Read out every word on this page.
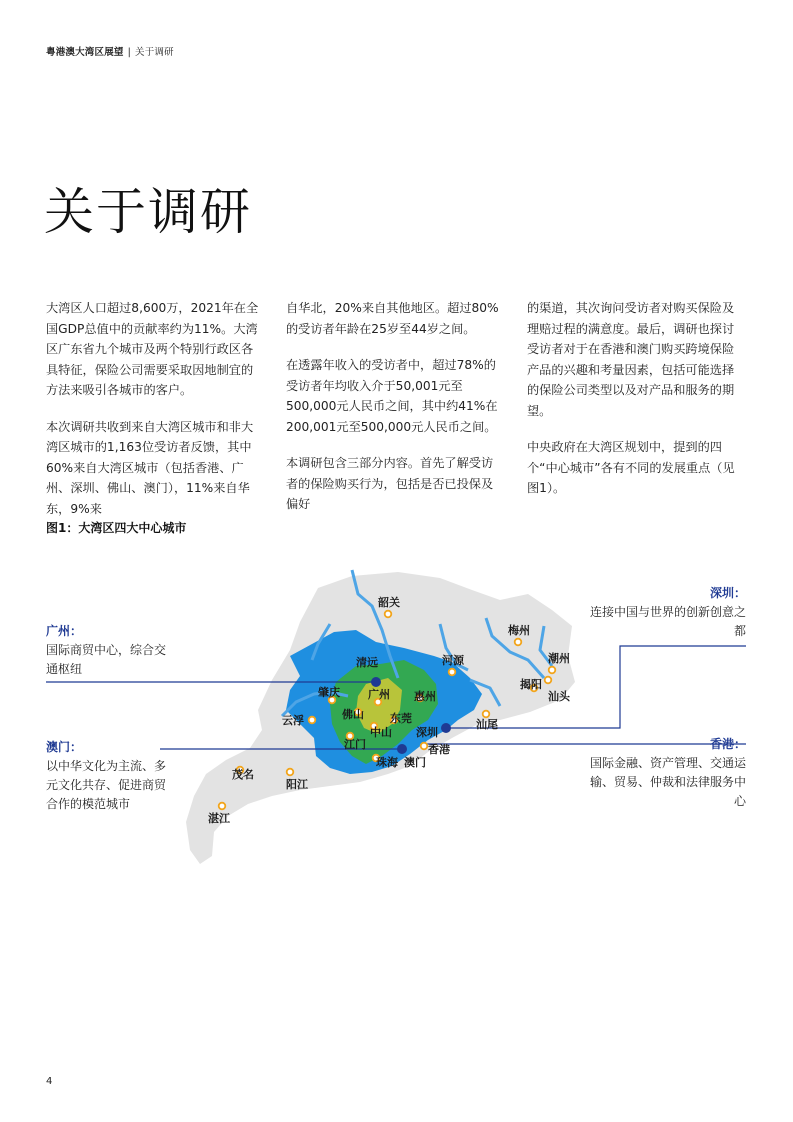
粤港澳大湾区展望 | 关于调研
关于调研

大湾区人口超过8,600万，2021年在全国GDP总值中的贡献率约为11%。大湾区广东省九个城市及两个特别行政区各具特征，保险公司需要采取因地制宜的方法来吸引各城市的客户。

本次调研共收到来自大湾区城市和非大湾区城市的1,163位受访者反馈，其中60%来自大湾区城市（包括香港、广州、深圳、佛山、澳门），11%来自华东，9%来

自华北，20%来自其他地区。超过80%的受访者年龄在25岁至44岁之间。

在透露年收入的受访者中，超过78%的受访者年均收入介于50,001元至500,000元人民币之间，其中约41%在200,001元至500,000元人民币之间。

本调研包含三部分内容。首先了解受访者的保险购买行为，包括是否已投保及偏好

的渠道，其次询问受访者对购买保险及理赔过程的满意度。最后，调研也探讨受访者对于在香港和澳门购买跨境保险产品的兴趣和考量因素，包括可能选择的保险公司类型以及对产品和服务的期望。

中央政府在大湾区规划中，提到的四个“中心城市”各有不同的发展重点（见图1）。

图1：大湾区四大中心城市
韶关
河源
梅州
潮州
揭阳
汕头
汕尾
清远
肇庆	广州 惠州
佛山 东莞
云浮
江门
中山 深圳
香港
珠海 澳门
茂名
阳江
湛江
广州：
国际商贸中心，综合交通枢纽
澳门：
以中华文化为主流、多元文化共存、促进商贸合作的模范城市
深圳：
连接中国与世界的创新创意之都
香港：
国际金融、资产管理、交通运输、贸易、仲裁和法律服务中心
4
